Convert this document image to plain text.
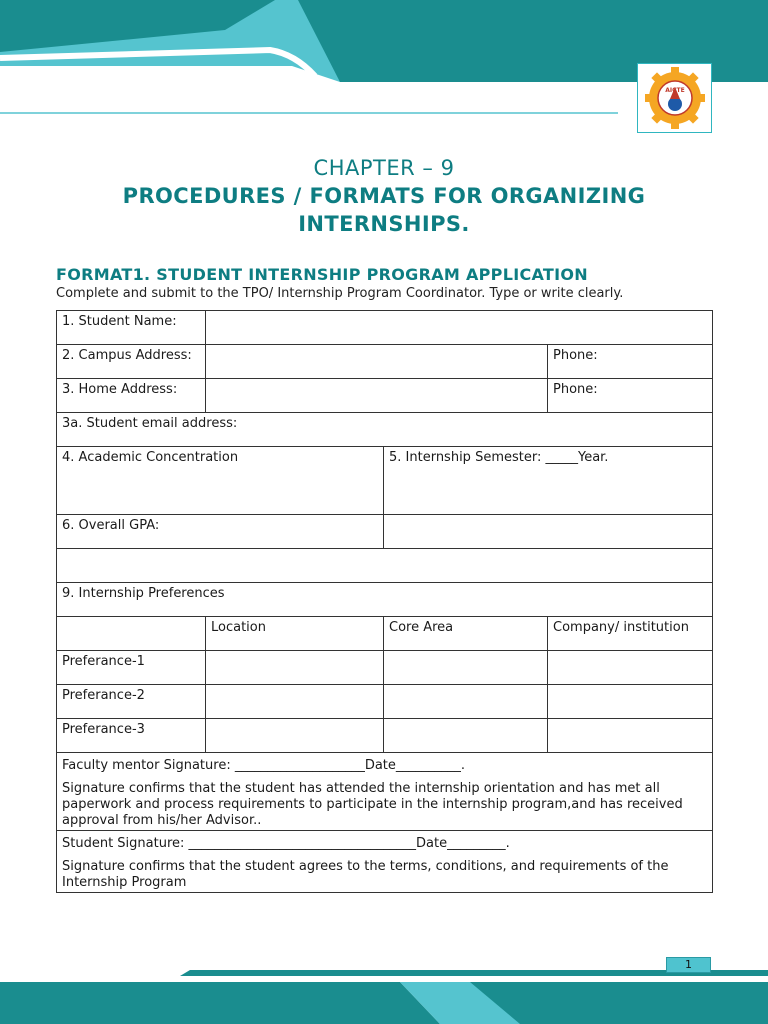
AICTE
CHAPTER – 9
PROCEDURES / FORMATS FOR ORGANIZING
INTERNSHIPS.
FORMAT1. STUDENT INTERNSHIP PROGRAM APPLICATION
Complete and submit to the TPO/ Internship Program Coordinator. Type or write clearly.
1. Student Name:			
2. Campus Address:			Phone:
3. Home Address:			Phone:
3a. Student email address:			
4. Academic Concentration		5. Internship Semester: _____Year.	
6. Overall GPA:			

9. Internship Preferences			
	Location	Core Area	Company/ institution
Preferance-1			
Preferance-2			
Preferance-3			

Faculty mentor Signature: ____________________Date__________.
Signature confirms that the student has attended the internship orientation and has met all paperwork and process requirements to participate in the internship program,and has received approval from his/her Advisor..			

Student Signature: ___________________________________Date_________.
Signature confirms that the student agrees to the terms, conditions, and requirements of the Internship Program			
1
